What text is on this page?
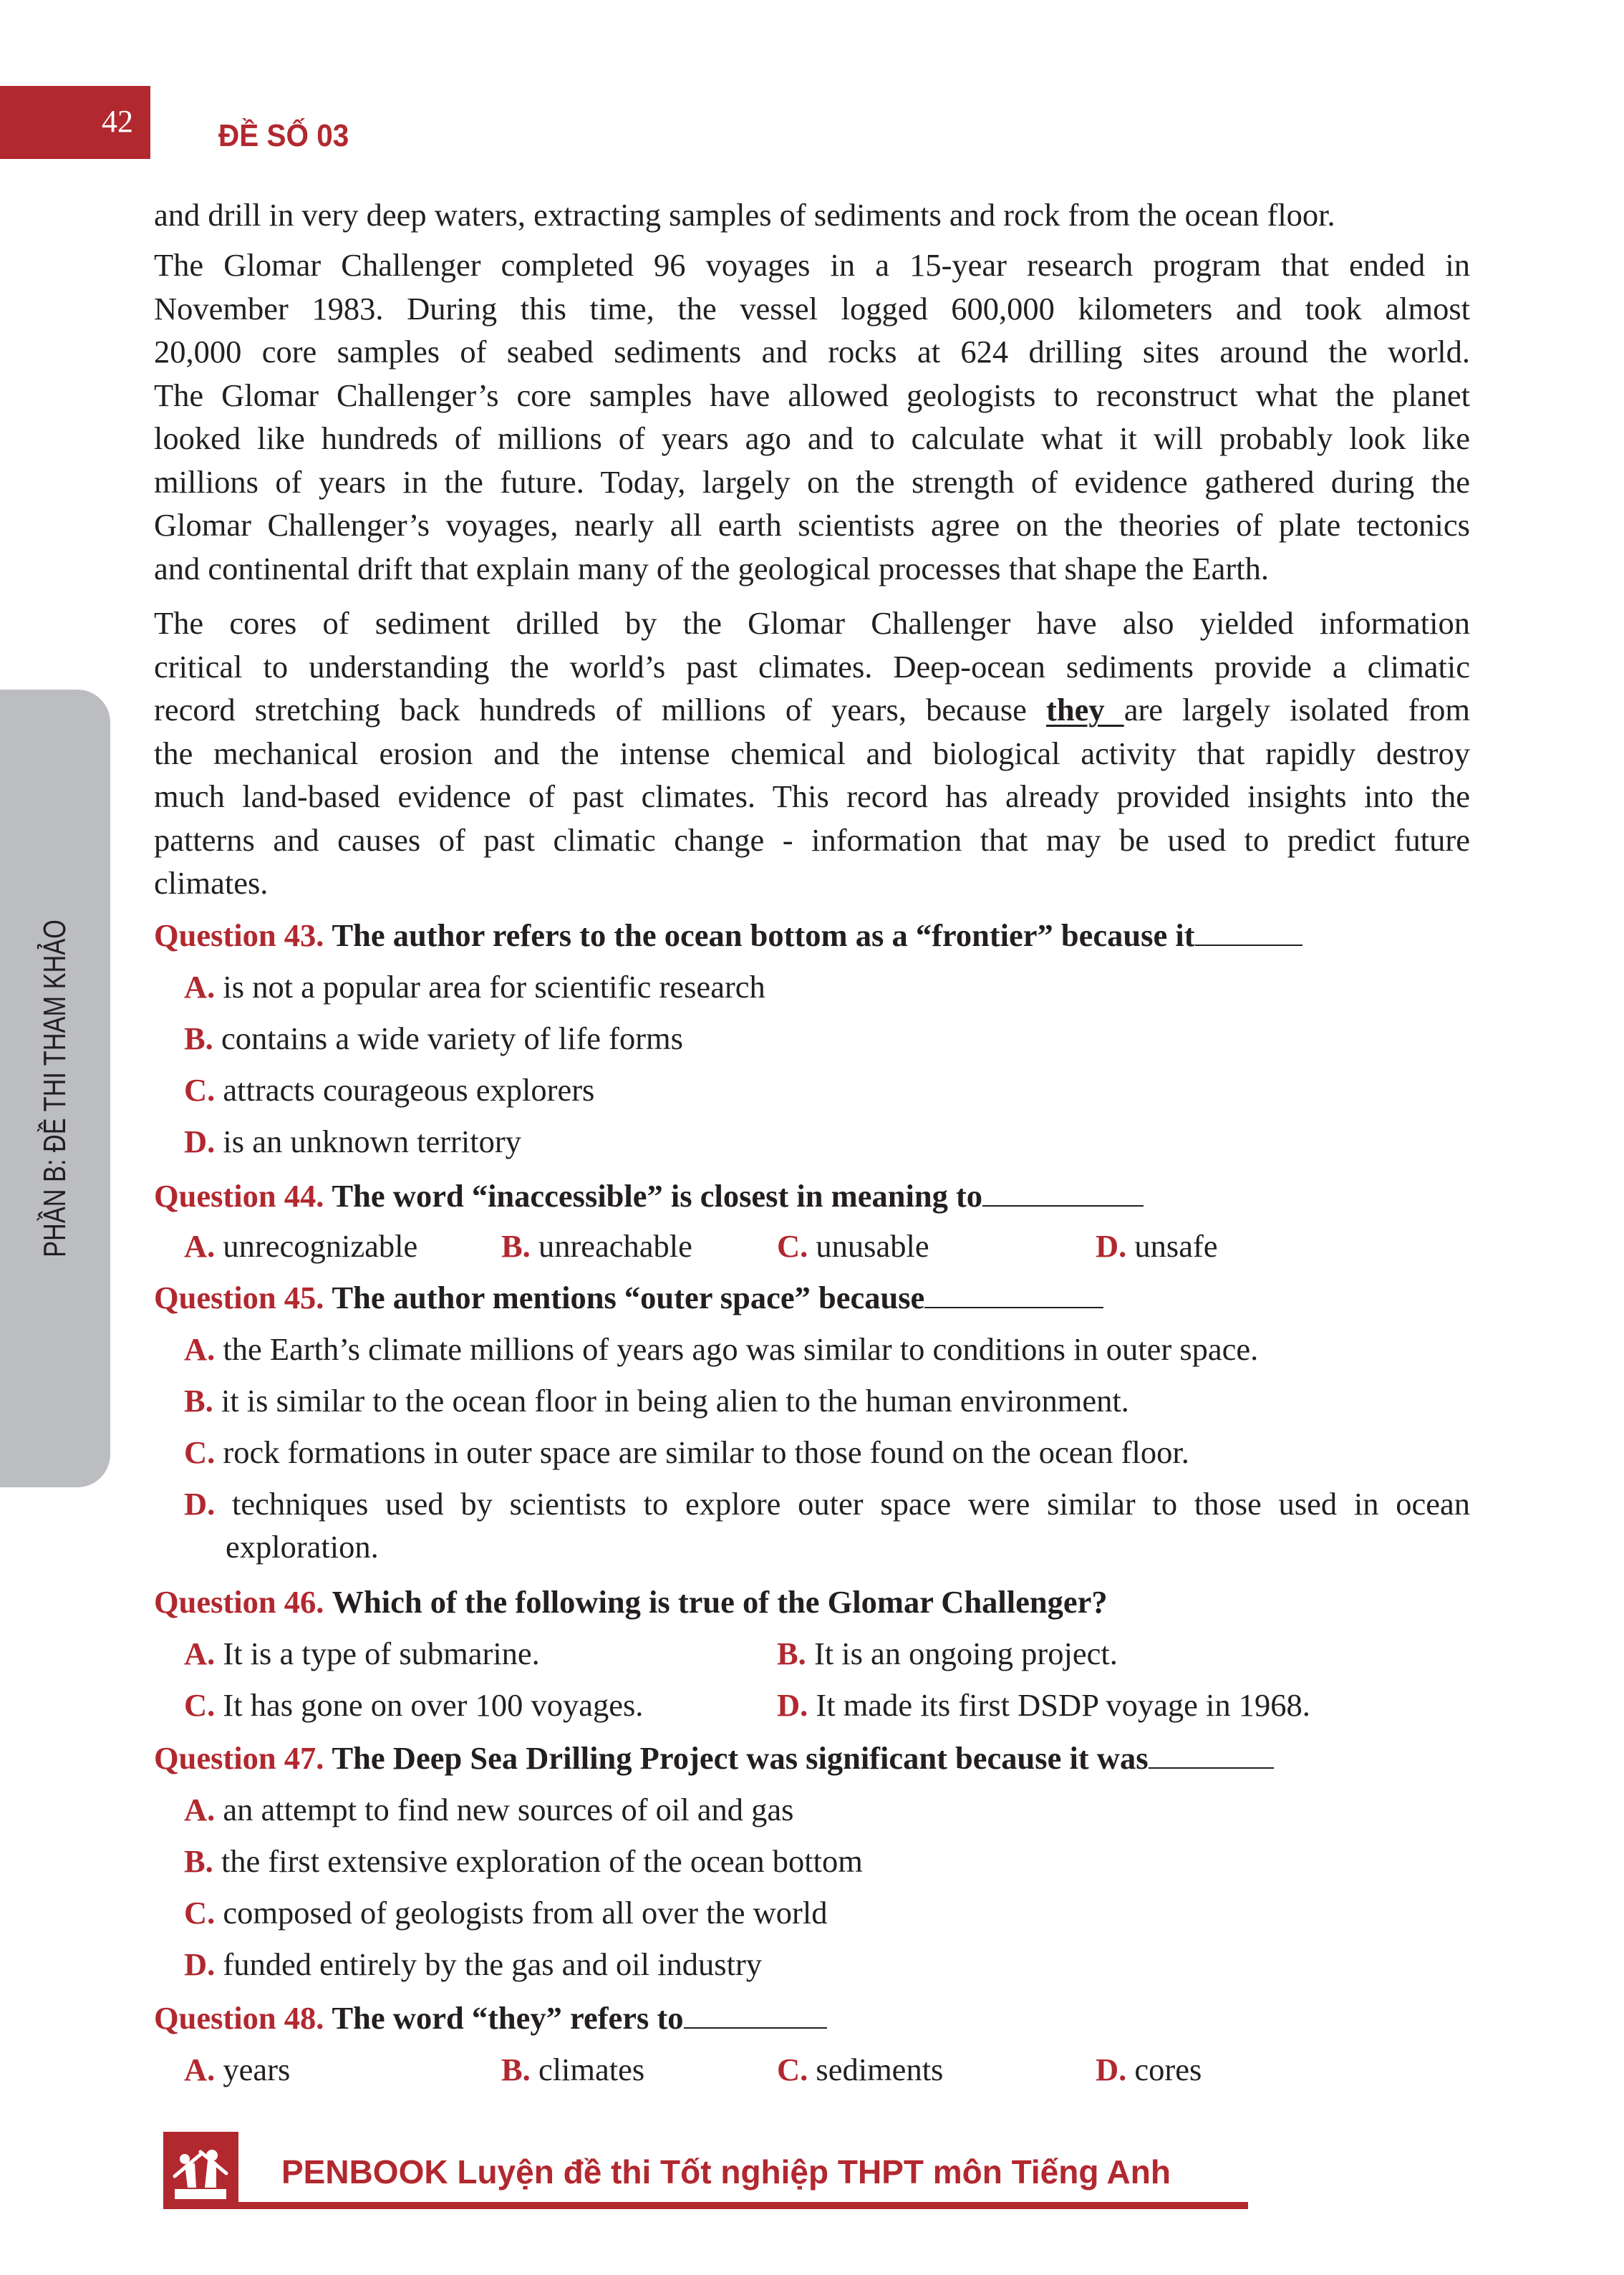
42	ĐỀ SỐ 03
PHẦN B: ĐỀ THI THAM KHẢO
and drill in very deep waters, extracting samples of sediments and rock from the ocean floor.
The Glomar Challenger completed 96 voyages in a 15-year research program that ended in
November 1983. During this time, the vessel logged 600,000 kilometers and took almost
20,000 core samples of seabed sediments and rocks at 624 drilling sites around the world.
The Glomar Challenger’s core samples have allowed geologists to reconstruct what the planet
looked like hundreds of millions of years ago and to calculate what it will probably look like
millions of years in the future. Today, largely on the strength of evidence gathered during the
Glomar Challenger’s voyages, nearly all earth scientists agree on the theories of plate tectonics
and continental drift that explain many of the geological processes that shape the Earth.
The cores of sediment drilled by the Glomar Challenger have also yielded information
critical to understanding the world’s past climates. Deep-ocean sediments provide a climatic
record stretching back hundreds of millions of years, because they are largely isolated from
the mechanical erosion and the intense chemical and biological activity that rapidly destroy
much land-based evidence of past climates. This record has already provided insights into the
patterns and causes of past climatic change - information that may be used to predict future
climates.
Question 43. The author refers to the ocean bottom as a “frontier” because it
A. is not a popular area for scientific research
B. contains a wide variety of life forms
C. attracts courageous explorers
D. is an unknown territory
Question 44. The word “inaccessible” is closest in meaning to
A. unrecognizable	B. unreachable	C. unusable	D. unsafe
Question 45. The author mentions “outer space” because
A. the Earth’s climate millions of years ago was similar to conditions in outer space.
B. it is similar to the ocean floor in being alien to the human environment.
C. rock formations in outer space are similar to those found on the ocean floor.
D. techniques used by scientists to explore outer space were similar to those used in ocean
exploration.
Question 46. Which of the following is true of the Glomar Challenger?
A. It is a type of submarine.	B. It is an ongoing project.
C. It has gone on over 100 voyages.	D. It made its first DSDP voyage in 1968.
Question 47. The Deep Sea Drilling Project was significant because it was
A. an attempt to find new sources of oil and gas
B. the first extensive exploration of the ocean bottom
C. composed of geologists from all over the world
D. funded entirely by the gas and oil industry
Question 48. The word “they” refers to
A. years	B. climates	C. sediments	D. cores
PENBOOK Luyện đề thi Tốt nghiệp THPT môn Tiếng Anh
